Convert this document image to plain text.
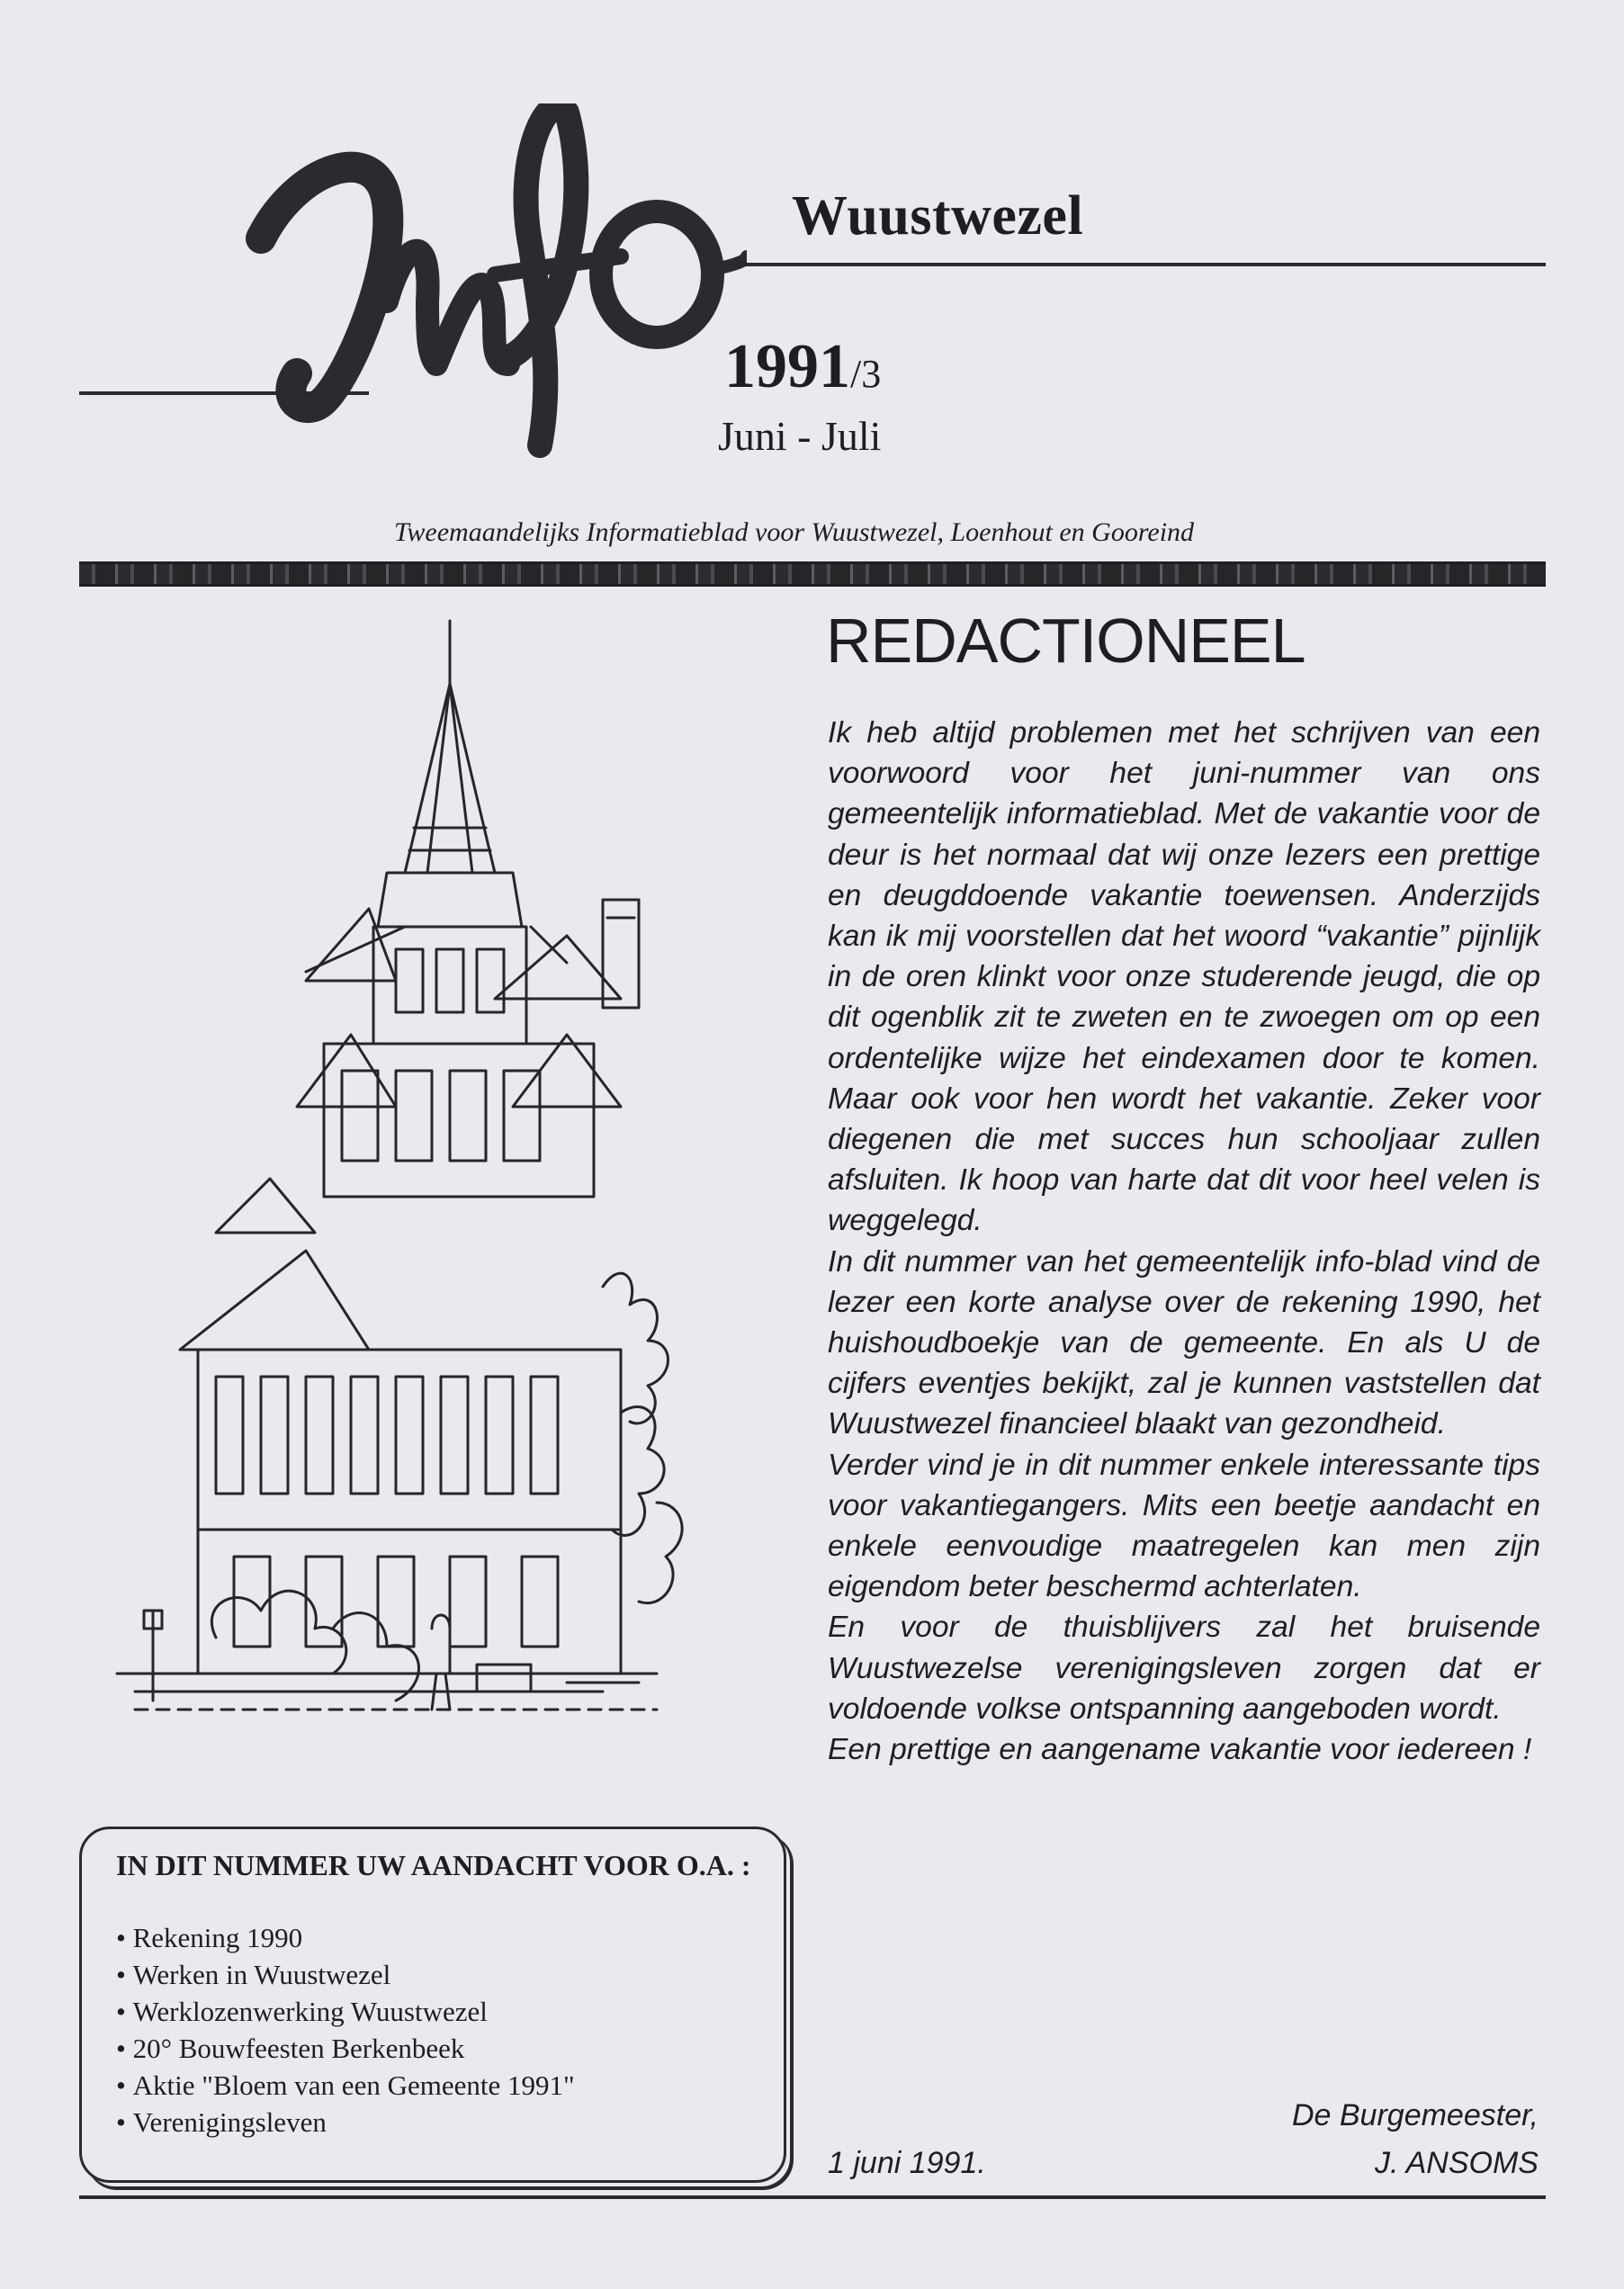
Wuustwezel
1991/3
Juni - Juli
Tweemaandelijks Informatieblad voor Wuustwezel, Loenhout en Gooreind
REDACTIONEEL

Ik heb altijd problemen met het schrijven van een voorwoord voor het juni-nummer van ons gemeentelijk informatieblad. Met de vakantie voor de deur is het normaal dat wij onze lezers een prettige en deugddoende vakantie toewensen. Anderzijds kan ik mij voorstellen dat het woord “vakantie” pijnlijk in de oren klinkt voor onze studerende jeugd, die op dit ogenblik zit te zweten en te zwoegen om op een ordentelijke wijze het eindexamen door te komen. Maar ook voor hen wordt het vakantie. Zeker voor diegenen die met succes hun schooljaar zullen afsluiten. Ik hoop van harte dat dit voor heel velen is weggelegd.

In dit nummer van het gemeentelijk info-blad vind de lezer een korte analyse over de rekening 1990, het huishoudboekje van de gemeente. En als U de cijfers eventjes bekijkt, zal je kunnen vaststellen dat Wuustwezel financieel blaakt van gezondheid.

Verder vind je in dit nummer enkele interessante tips voor vakantiegangers. Mits een beetje aandacht en enkele eenvoudige maatregelen kan men zijn eigendom beter beschermd achterlaten.

En voor de thuisblijvers zal het bruisende Wuustwezelse verenigingsleven zorgen dat er voldoende volkse ontspanning aangeboden wordt.

Een prettige en aangename vakantie voor iedereen !

De Burgemeester,
1 juni 1991.	J. ANSOMS
IN DIT NUMMER UW AANDACHT VOOR O.A. :
• Rekening 1990
• Werken in Wuustwezel
• Werklozenwerking Wuustwezel
• 20° Bouwfeesten Berkenbeek
• Aktie "Bloem van een Gemeente 1991"
• Verenigingsleven
